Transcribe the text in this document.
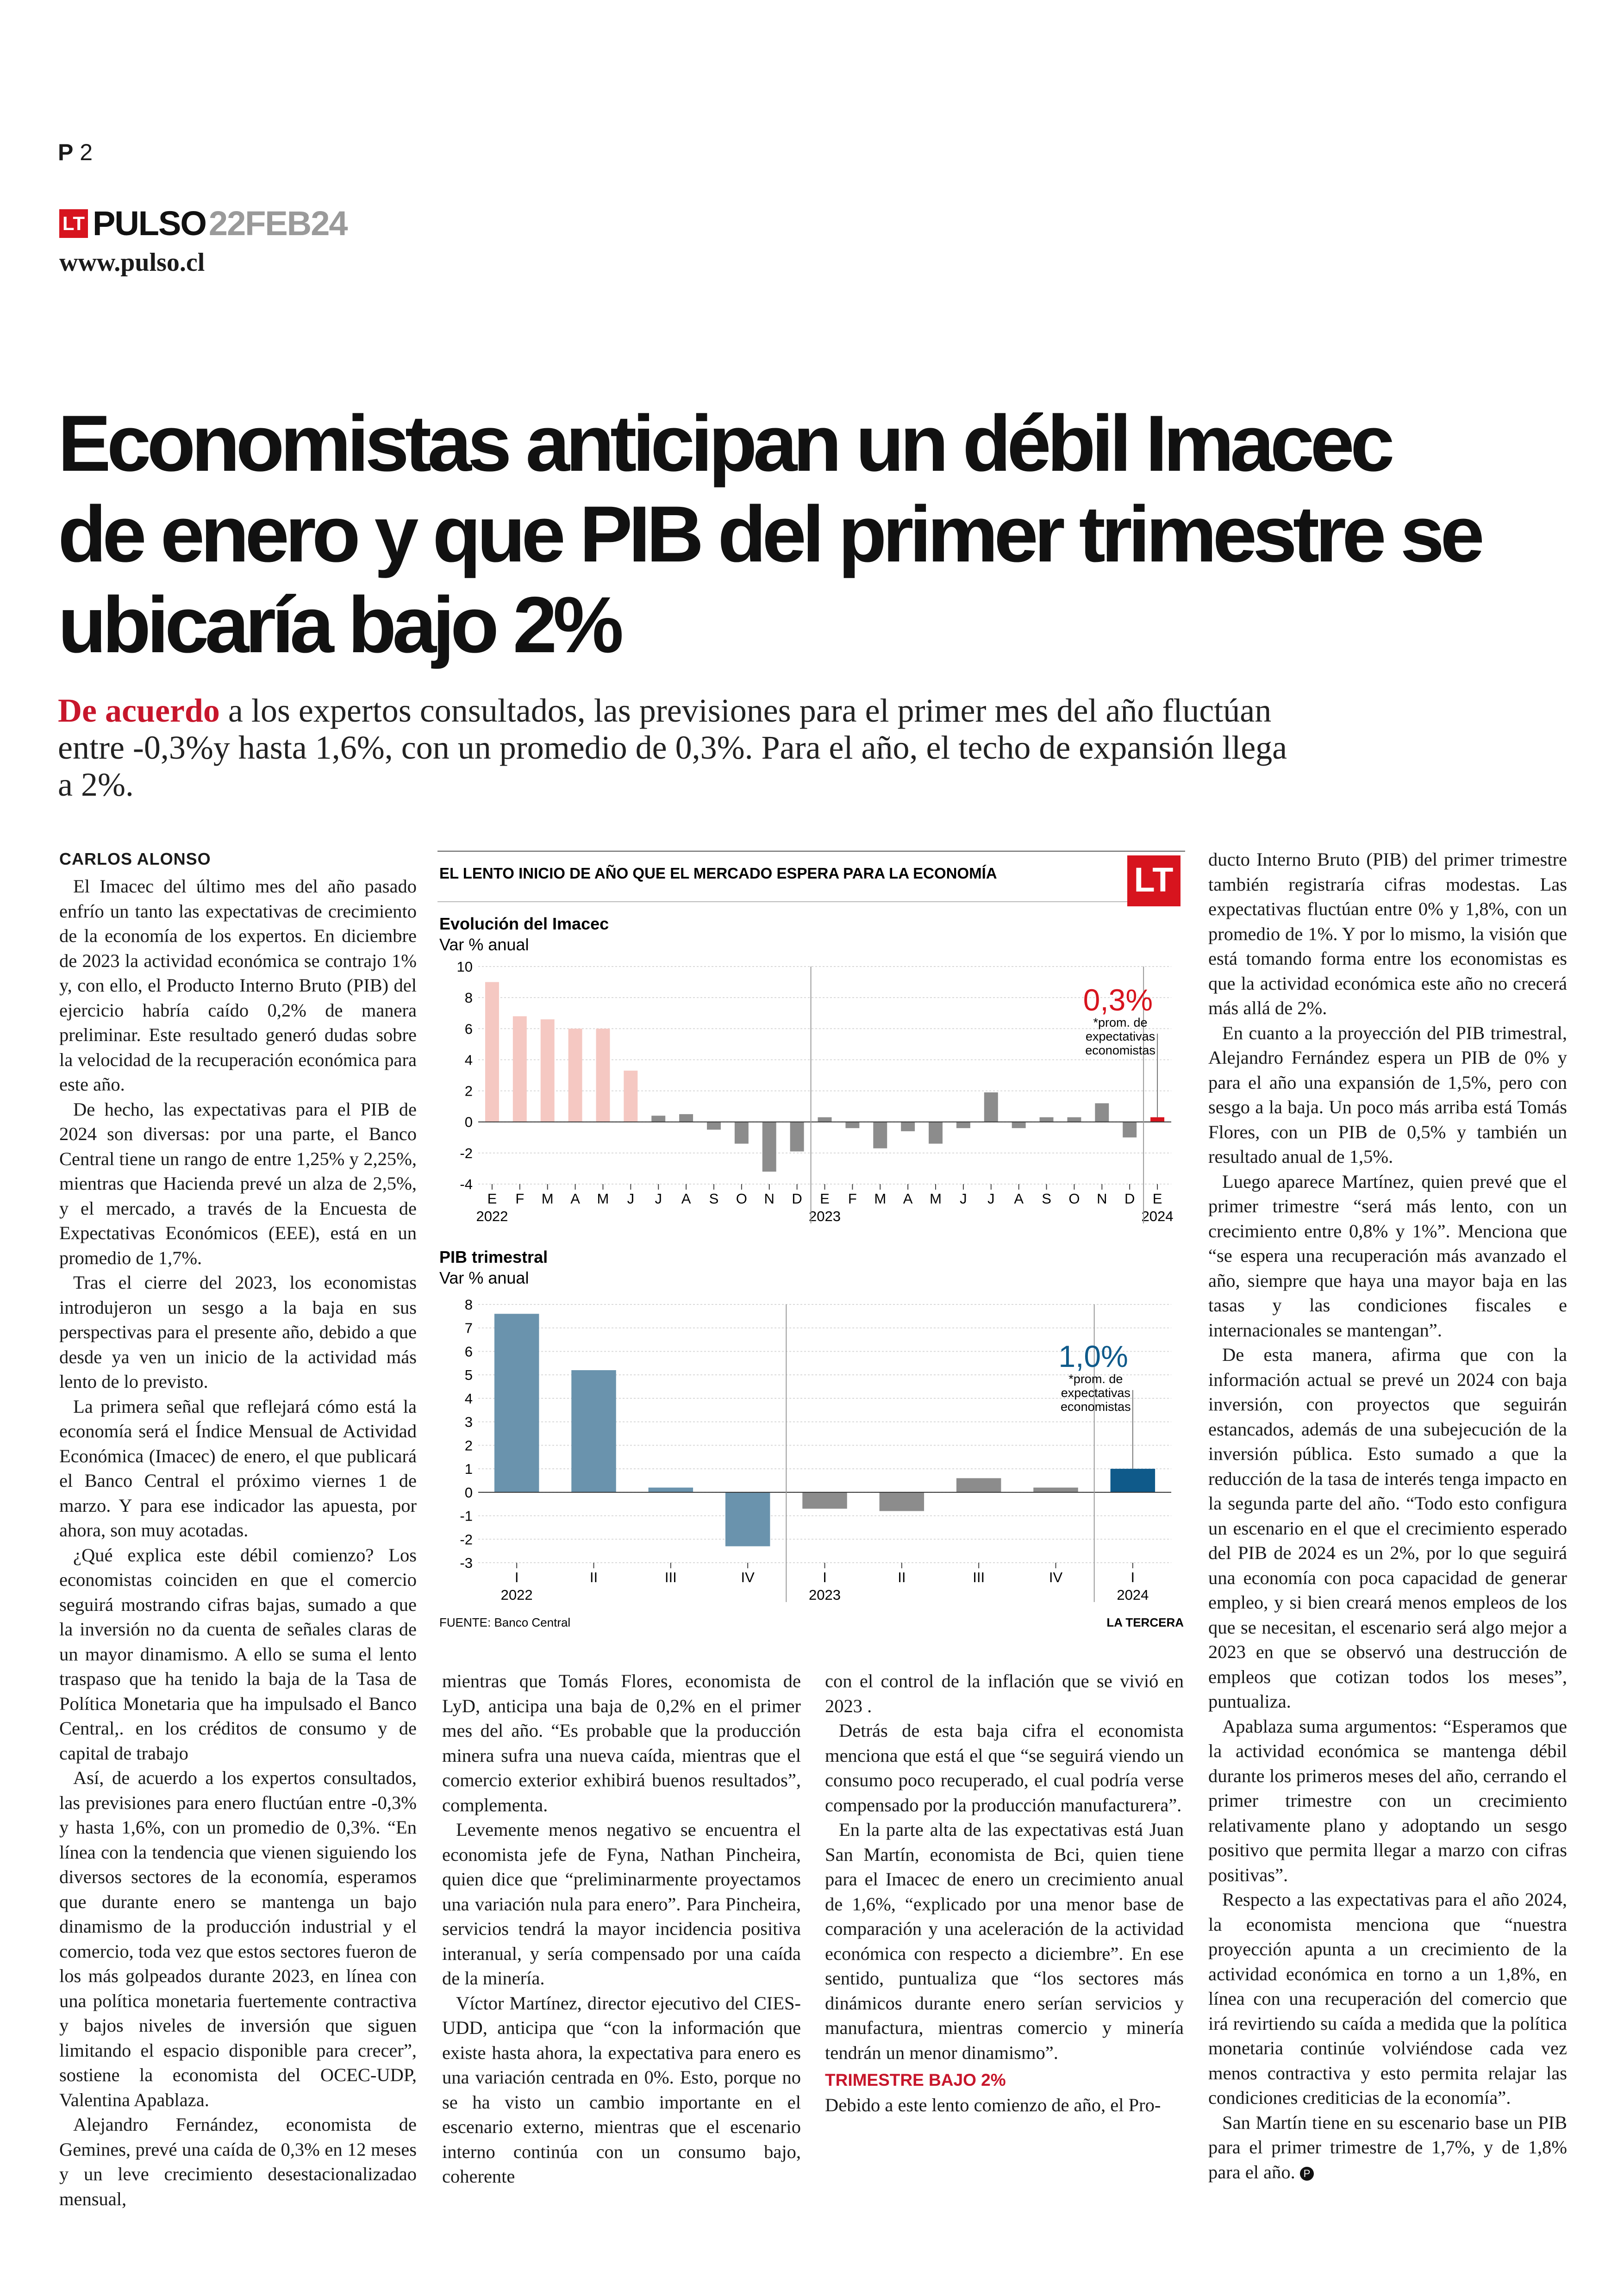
P 2
LT PULSO 22FEB24
www.pulso.cl
Economistas anticipan un débil Imacec de enero y que PIB del primer trimestre se ubicaría bajo 2%

De acuerdo a los expertos consultados, las previsiones para el primer mes del año fluctúan entre -0,3%y hasta 1,6%, con un promedio de 0,3%. Para el año, el techo de expansión llega a 2%.

CARLOS ALONSO

El Imacec del último mes del año pasado enfrío un tanto las expectativas de crecimiento de la economía de los expertos. En diciembre de 2023 la actividad económica se contrajo 1% y, con ello, el Producto Interno Bruto (PIB) del ejercicio habría caído 0,2% de manera preliminar. Este resultado generó dudas sobre la velocidad de la recuperación económica para este año.

De hecho, las expectativas para el PIB de 2024 son diversas: por una parte, el Banco Central tiene un rango de entre 1,25% y 2,25%, mientras que Hacienda prevé un alza de 2,5%, y el mercado, a través de la Encuesta de Expectativas Económicos (EEE), está en un promedio de 1,7%.

Tras el cierre del 2023, los economistas introdujeron un sesgo a la baja en sus perspectivas para el presente año, debido a que desde ya ven un inicio de la actividad más lento de lo previsto.

La primera señal que reflejará cómo está la economía será el Índice Mensual de Actividad Económica (Imacec) de enero, el que publicará el Banco Central el próximo viernes 1 de marzo. Y para ese indicador las apuesta, por ahora, son muy acotadas.

¿Qué explica este débil comienzo? Los economistas coinciden en que el comercio seguirá mostrando cifras bajas, sumado a que la inversión no da cuenta de señales claras de un mayor dinamismo. A ello se suma el lento traspaso que ha tenido la baja de la Tasa de Política Monetaria que ha impulsado el Banco Central,. en los créditos de consumo y de capital de trabajo

Así, de acuerdo a los expertos consultados, las previsiones para enero fluctúan entre -0,3% y hasta 1,6%, con un promedio de 0,3%. “En línea con la tendencia que vienen siguiendo los diversos sectores de la economía, esperamos que durante enero se mantenga un bajo dinamismo de la producción industrial y el comercio, toda vez que estos sectores fueron de los más golpeados durante 2023, en línea con una política monetaria fuertemente contractiva y bajos niveles de inversión que siguen limitando el espacio disponible para crecer”, sostiene la economista del OCEC-UDP, Valentina Apablaza.

Alejandro Fernández, economista de Gemines, prevé una caída de 0,3% en 12 meses y un leve crecimiento desestacionalizadao mensual,

mientras que Tomás Flores, economista de LyD, anticipa una baja de 0,2% en el primer mes del año. “Es probable que la producción minera sufra una nueva caída, mientras que el comercio exterior exhibirá buenos resultados”, complementa.

Levemente menos negativo se encuentra el economista jefe de Fyna, Nathan Pincheira, quien dice que “preliminarmente proyectamos una variación nula para enero”. Para Pincheira, servicios tendrá la mayor incidencia positiva interanual, y sería compensado por una caída de la minería.

Víctor Martínez, director ejecutivo del CIES-UDD, anticipa que “con la información que existe hasta ahora, la expectativa para enero es una variación centrada en 0%. Esto, porque no se ha visto un cambio importante en el escenario externo, mientras que el escenario interno continúa con un consumo bajo, coherente

con el control de la inflación que se vivió en 2023 .

Detrás de esta baja cifra el economista menciona que está el que “se seguirá viendo un consumo poco recuperado, el cual podría verse compensado por la producción manufacturera”.

En la parte alta de las expectativas está Juan San Martín, economista de Bci, quien tiene para el Imacec de enero un crecimiento anual de 1,6%, “explicado por una menor base de comparación y una aceleración de la actividad económica con respecto a diciembre”. En ese sentido, puntualiza que “los sectores más dinámicos durante enero serían servicios y manufactura, mientras comercio y minería tendrán un menor dinamismo”.

TRIMESTRE BAJO 2%

Debido a este lento comienzo de año, el Pro-

ducto Interno Bruto (PIB) del primer trimestre también registraría cifras modestas. Las expectativas fluctúan entre 0% y 1,8%, con un promedio de 1%. Y por lo mismo, la visión que está tomando forma entre los economistas es que la actividad económica este año no crecerá más allá de 2%.

En cuanto a la proyección del PIB trimestral, Alejandro Fernández espera un PIB de 0% y para el año una expansión de 1,5%, pero con sesgo a la baja. Un poco más arriba está Tomás Flores, con un PIB de 0,5% y también un resultado anual de 1,5%.

Luego aparece Martínez, quien prevé que el primer trimestre “será más lento, con un crecimiento entre 0,8% y 1%”. Menciona que “se espera una recuperación más avanzado el año, siempre que haya una mayor baja en las tasas y las condiciones fiscales e internacionales se mantengan”.

De esta manera, afirma que con la información actual se prevé un 2024 con baja inversión, con proyectos que seguirán estancados, además de una subejecución de la inversión pública. Esto sumado a que la reducción de la tasa de interés tenga impacto en la segunda parte del año. “Todo esto configura un escenario en el que el crecimiento esperado del PIB de 2024 es un 2%, por lo que seguirá una economía con poca capacidad de generar empleo, y si bien creará menos empleos de los que se necesitan, el escenario será algo mejor a 2023 en que se observó una destrucción de empleos que cotizan todos los meses”, puntualiza.

Apablaza suma argumentos: “Esperamos que la actividad económica se mantenga débil durante los primeros meses del año, cerrando el primer trimestre con un crecimiento relativamente plano y adoptando un sesgo positivo que permita llegar a marzo con cifras positivas”.

Respecto a las expectativas para el año 2024, la economista menciona que “nuestra proyección apunta a un crecimiento de la actividad económica en torno a un 1,8%, en línea con una recuperación del comercio que irá revirtiendo su caída a medida que la política monetaria continúe volviéndose cada vez menos contractiva y esto permita relajar las condiciones crediticias de la economía”.

San Martín tiene en su escenario base un PIB para el primer trimestre de 1,7%, y de 1,8% para el año. P

EL LENTO INICIO DE AÑO QUE EL MERCADO ESPERA PARA LA ECONOMÍA	LT
Evolución del Imacec
Var % anual
-4
-2
0
2
4
6
8
10
E F M A M J J A S O N D E F M A M J J A S O N D E
2022	2023	2024
0,3%
*prom. de
expectativas
economistas
PIB trimestral
Var % anual
-3
-2
-1
0
1
2
3
4
5
6
7
8
I	II	III	IV	I	II	III	IV	I
2022	2023	2024
1,0%
*prom. de
expectativas
economistas
FUENTE: Banco Central	LA TERCERA
